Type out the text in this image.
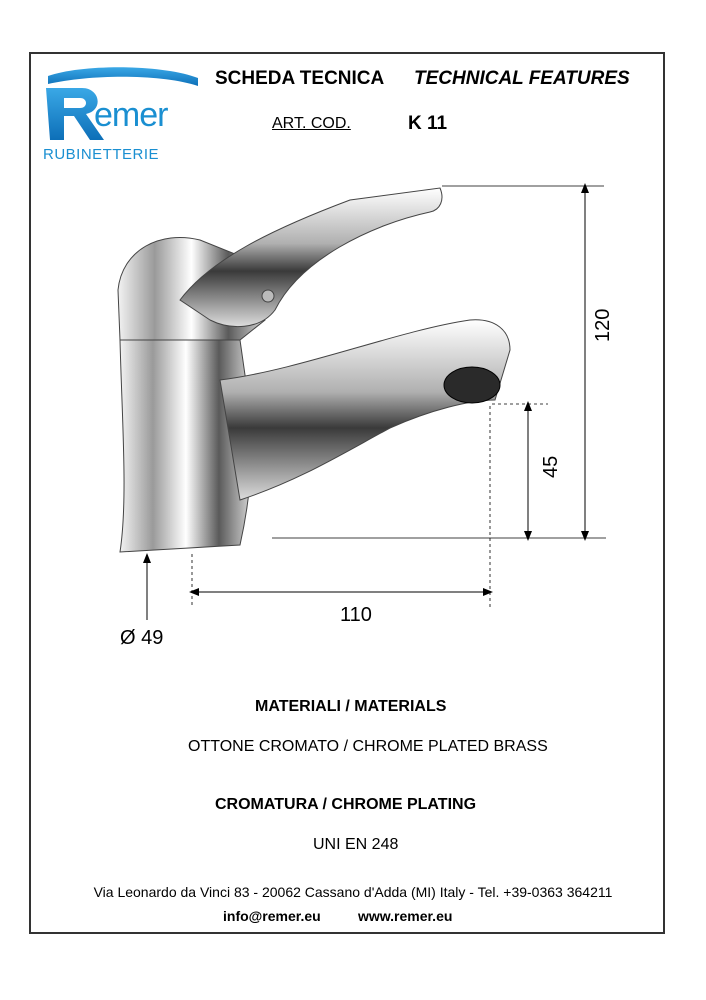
emer
RUBINETTERIE
SCHEDA TECNICA TECHNICAL FEATURES
ART. COD.	K 11
120
45
110
Ø 49
MATERIALI / MATERIALS
OTTONE CROMATO / CHROME PLATED BRASS
CROMATURA / CHROME PLATING
UNI EN 248
Via Leonardo da Vinci 83 - 20062 Cassano d'Adda (MI) Italy - Tel. +39-0363 364211
info@remer.eu	www.remer.eu
